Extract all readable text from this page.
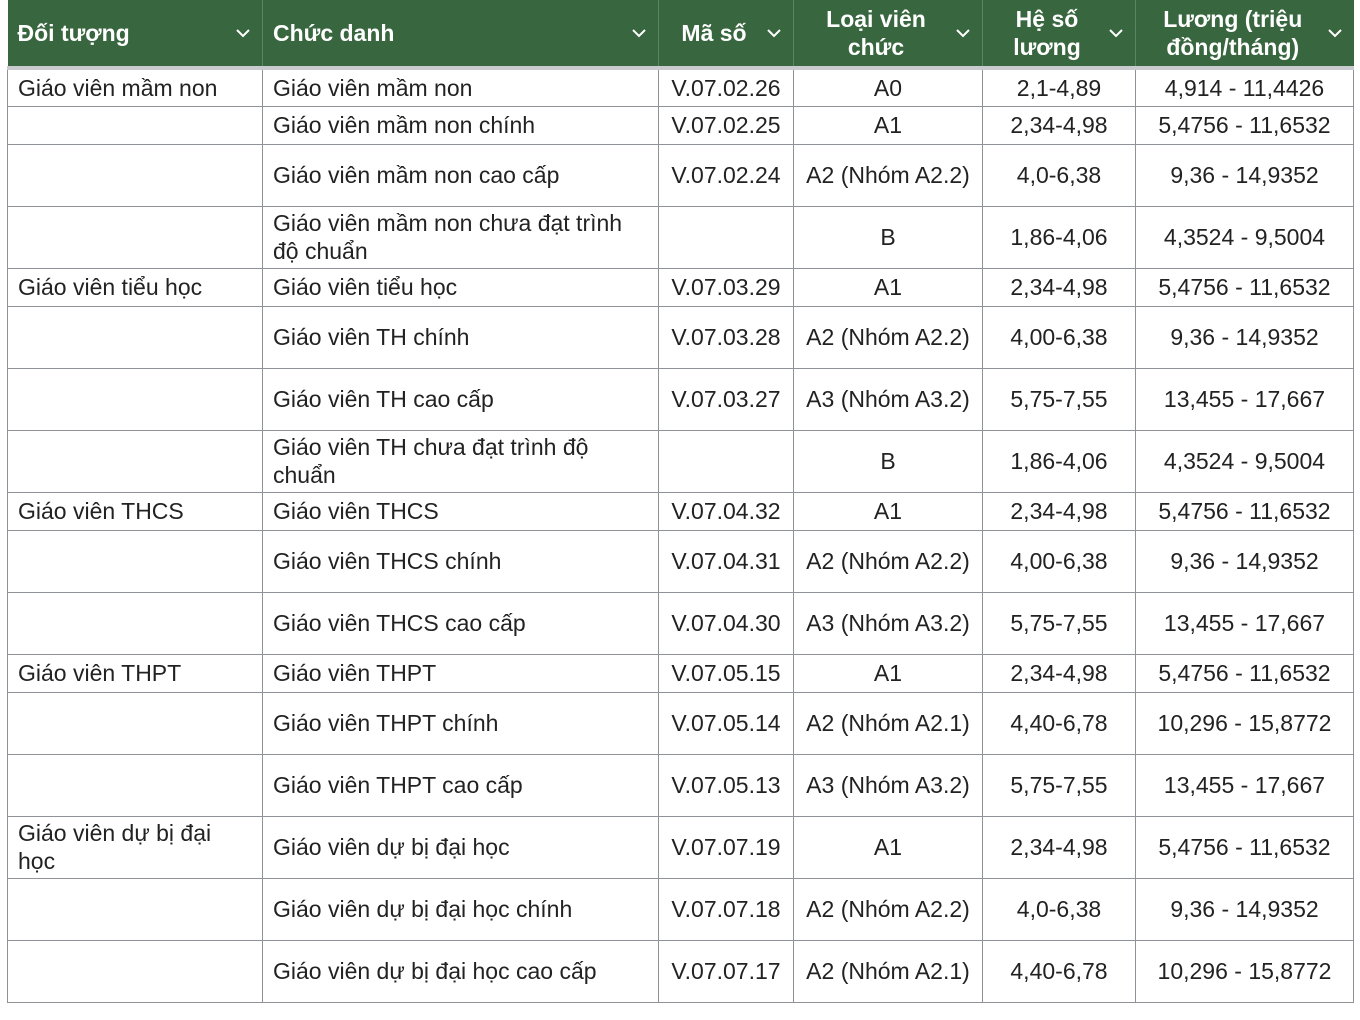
Đối tượng	Chức danh	Mã số	Loại viên chức	Hệ số lương	Lương (triệu đồng/tháng)

Giáo viên mầm non	Giáo viên mầm non	V.07.02.26	A0	2,1-4,89	4,914 - 11,4426
	Giáo viên mầm non chính	V.07.02.25	A1	2,34-4,98	5,4756 - 11,6532
	Giáo viên mầm non cao cấp	V.07.02.24	A2 (Nhóm A2.2)	4,0-6,38	9,36 - 14,9352
	Giáo viên mầm non chưa đạt trình độ chuẩn		B	1,86-4,06	4,3524 - 9,5004
Giáo viên tiểu học	Giáo viên tiểu học	V.07.03.29	A1	2,34-4,98	5,4756 - 11,6532
	Giáo viên TH chính	V.07.03.28	A2 (Nhóm A2.2)	4,00-6,38	9,36 - 14,9352
	Giáo viên TH cao cấp	V.07.03.27	A3 (Nhóm A3.2)	5,75-7,55	13,455 - 17,667
	Giáo viên TH chưa đạt trình độ chuẩn		B	1,86-4,06	4,3524 - 9,5004
Giáo viên THCS	Giáo viên THCS	V.07.04.32	A1	2,34-4,98	5,4756 - 11,6532
	Giáo viên THCS chính	V.07.04.31	A2 (Nhóm A2.2)	4,00-6,38	9,36 - 14,9352
	Giáo viên THCS cao cấp	V.07.04.30	A3 (Nhóm A3.2)	5,75-7,55	13,455 - 17,667
Giáo viên THPT	Giáo viên THPT	V.07.05.15	A1	2,34-4,98	5,4756 - 11,6532
	Giáo viên THPT chính	V.07.05.14	A2 (Nhóm A2.1)	4,40-6,78	10,296 - 15,8772
	Giáo viên THPT cao cấp	V.07.05.13	A3 (Nhóm A3.2)	5,75-7,55	13,455 - 17,667
Giáo viên dự bị đại học	Giáo viên dự bị đại học	V.07.07.19	A1	2,34-4,98	5,4756 - 11,6532
	Giáo viên dự bị đại học chính	V.07.07.18	A2 (Nhóm A2.2)	4,0-6,38	9,36 - 14,9352
	Giáo viên dự bị đại học cao cấp	V.07.07.17	A2 (Nhóm A2.1)	4,40-6,78	10,296 - 15,8772
